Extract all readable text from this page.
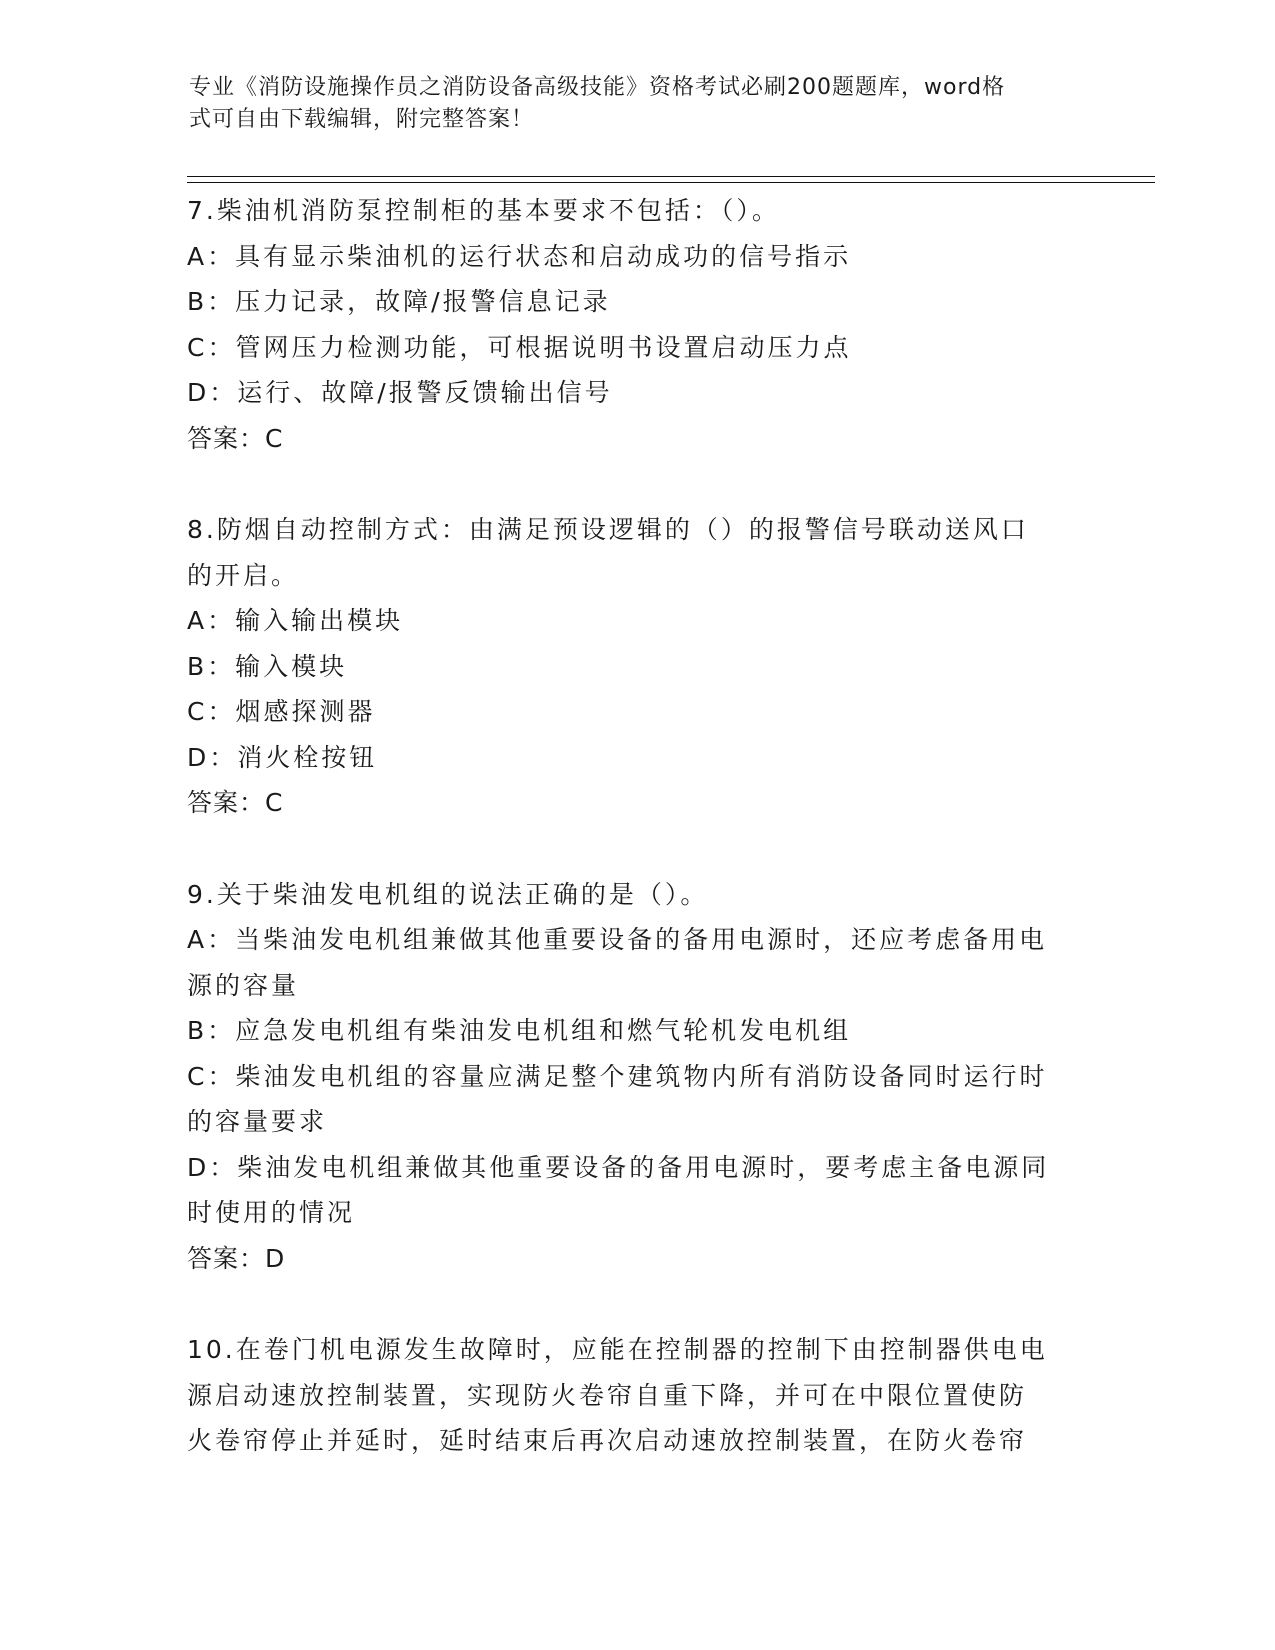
专业《消防设施操作员之消防设备高级技能》资格考试必刷200题题库，word格
式可自由下载编辑，附完整答案！
7.柴油机消防泵控制柜的基本要求不包括：（）。
A：具有显示柴油机的运行状态和启动成功的信号指示
B：压力记录，故障/报警信息记录
C：管网压力检测功能，可根据说明书设置启动压力点
D：运行、故障/报警反馈输出信号
答案：C
8.防烟自动控制方式：由满足预设逻辑的（）的报警信号联动送风口
的开启。
A：输入输出模块
B：输入模块
C：烟感探测器
D：消火栓按钮
答案：C
9.关于柴油发电机组的说法正确的是（）。
A：当柴油发电机组兼做其他重要设备的备用电源时，还应考虑备用电
源的容量
B：应急发电机组有柴油发电机组和燃气轮机发电机组
C：柴油发电机组的容量应满足整个建筑物内所有消防设备同时运行时
的容量要求
D：柴油发电机组兼做其他重要设备的备用电源时，要考虑主备电源同
时使用的情况
答案：D
10.在卷门机电源发生故障时，应能在控制器的控制下由控制器供电电
源启动速放控制装置，实现防火卷帘自重下降，并可在中限位置使防
火卷帘停止并延时，延时结束后再次启动速放控制装置，在防火卷帘
